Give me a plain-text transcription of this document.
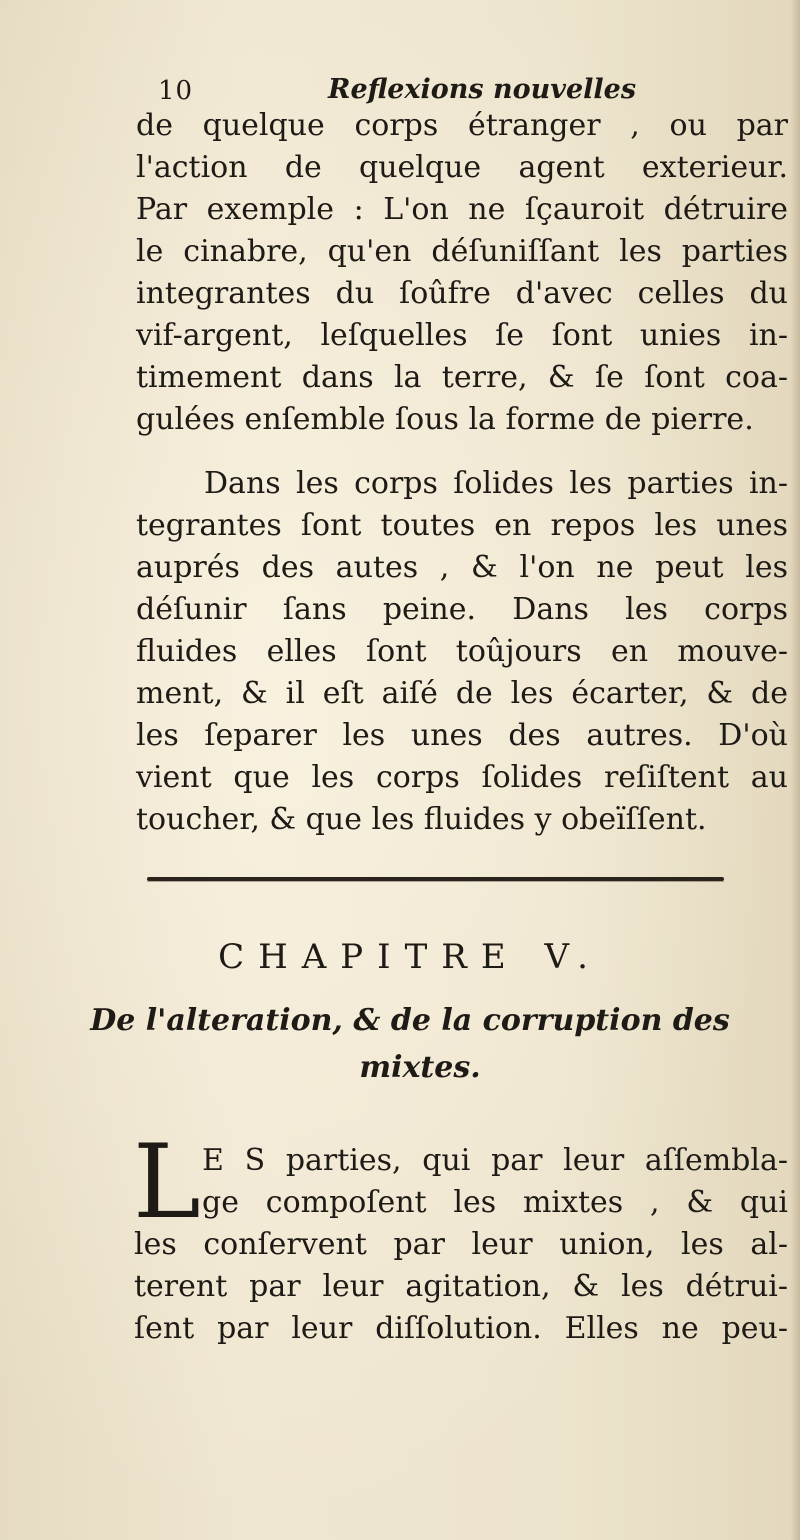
10	Reflexions nouvelles
de quelque corps étranger , ou par
l'action de quelque agent exterieur.
Par exemple : L'on ne ſçauroit détruire
le cinabre, qu'en déſuniſſant les parties
integrantes du ſoûfre d'avec celles du
vif-argent, leſquelles ſe ſont unies in-
timement dans la terre, & ſe ſont coa-
gulées enſemble ſous la forme de pierre.
Dans les corps ſolides les parties in-
tegrantes ſont toutes en repos les unes
auprés des autes , & l'on ne peut les
déſunir ſans peine. Dans les corps
fluides elles ſont toûjours en mouve-
ment, & il eſt aiſé de les écarter, & de
les ſeparer les unes des autres. D'où
vient que les corps ſolides reſiſtent au
toucher, & que les fluides y obeïſſent.
CHAPITRE V.
De l'alteration, & de la corruption des
mixtes.
L E S parties, qui par leur aſſembla-
ge compoſent les mixtes , & qui
les conſervent par leur union, les al-
terent par leur agitation, & les détrui-
ſent par leur diſſolution. Elles ne peu-
